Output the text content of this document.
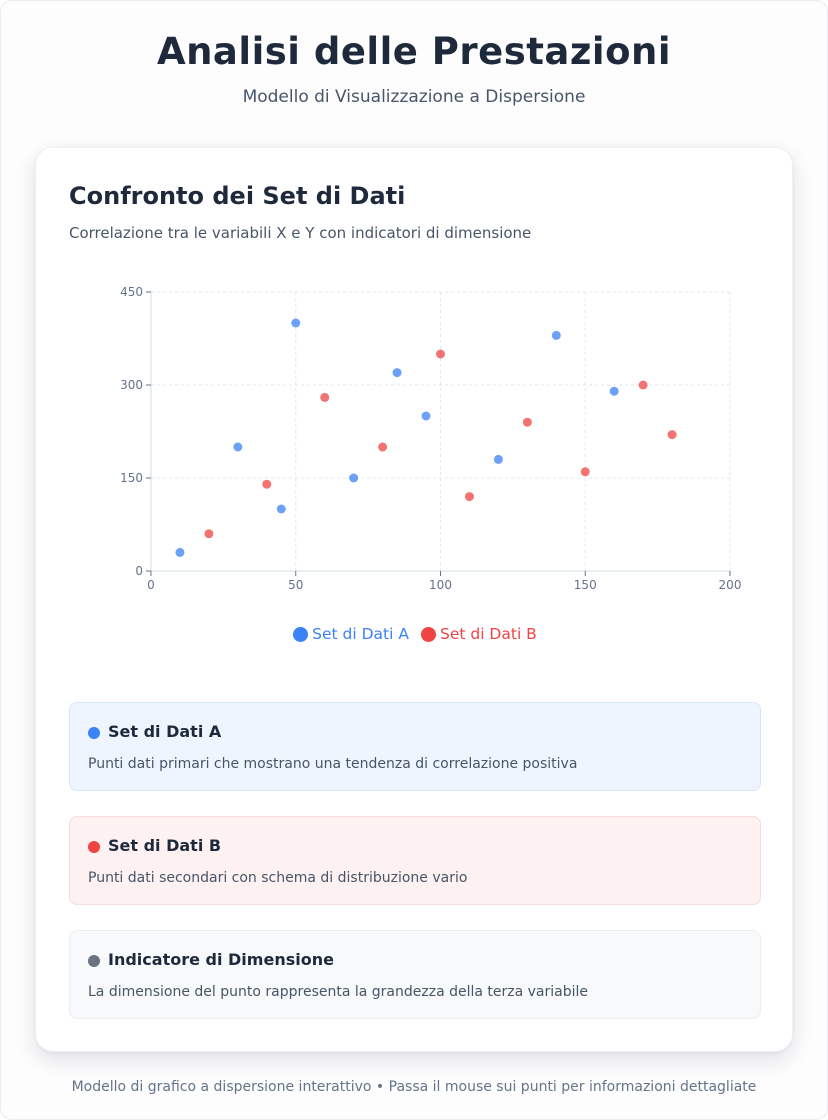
Analisi delle Prestazioni
Modello di Visualizzazione a Dispersione
Confronto dei Set di Dati
Correlazione tra le variabili X e Y con indicatori di dimensione
0
150
300
450
0	50	100	150	200
Set di Dati A Set di Dati B
Set di Dati A
Punti dati primari che mostrano una tendenza di correlazione positiva
Set di Dati B
Punti dati secondari con schema di distribuzione vario
Indicatore di Dimensione
La dimensione del punto rappresenta la grandezza della terza variabile
Modello di grafico a dispersione interattivo • Passa il mouse sui punti per informazioni dettagliate
